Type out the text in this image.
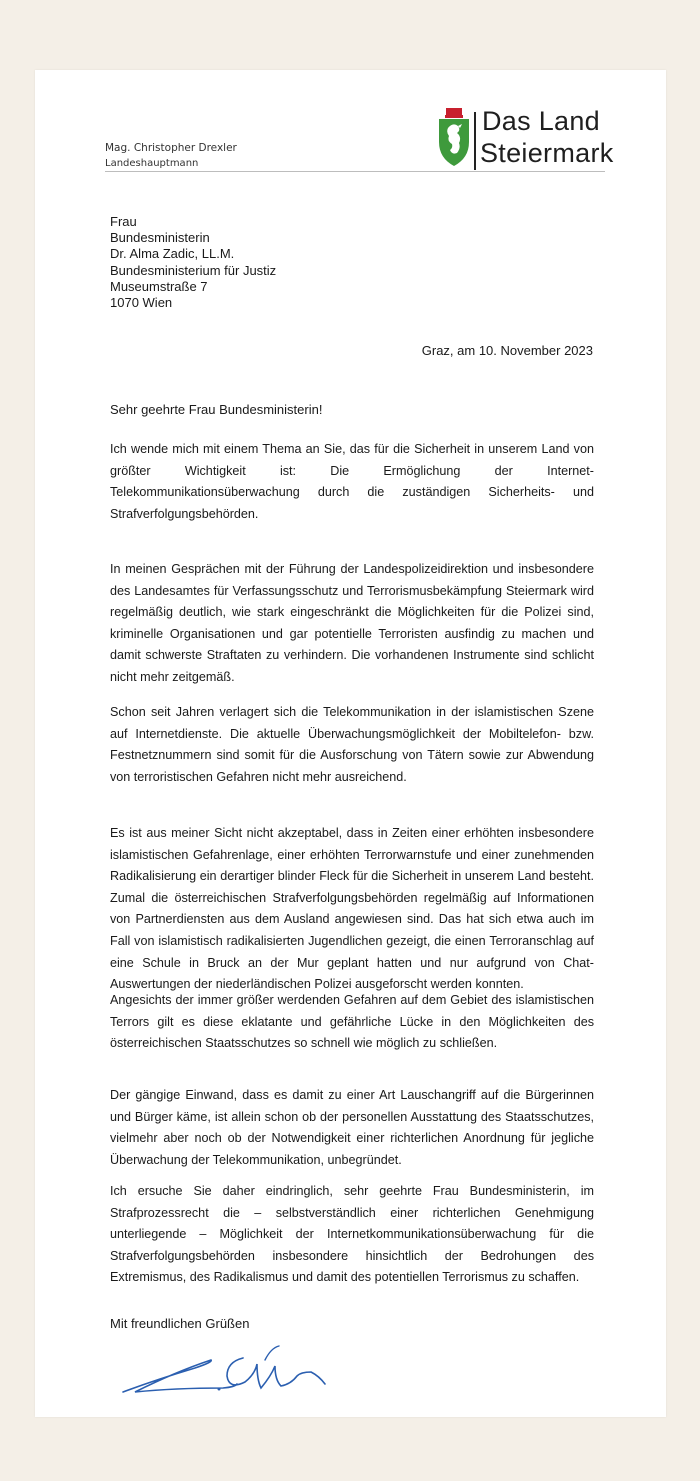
Mag. Christopher Drexler
Landeshauptmann
Das Land
Steiermark
Frau
Bundesministerin
Dr. Alma Zadic, LL.M.
Bundesministerium für Justiz
Museumstraße 7
1070 Wien
Graz, am 10. November 2023
Sehr geehrte Frau Bundesministerin!

Ich wende mich mit einem Thema an Sie, das für die Sicherheit in unserem Land von größter Wichtigkeit ist: Die Ermöglichung der Internet-Telekommunikationsüberwachung durch die zuständigen Sicherheits- und Strafverfolgungsbehörden.

In meinen Gesprächen mit der Führung der Landespolizeidirektion und insbesondere des Landesamtes für Verfassungsschutz und Terrorismusbekämpfung Steiermark wird regelmäßig deutlich, wie stark eingeschränkt die Möglichkeiten für die Polizei sind, kriminelle Organisationen und gar potentielle Terroristen ausfindig zu machen und damit schwerste Straftaten zu verhindern. Die vorhandenen Instrumente sind schlicht nicht mehr zeitgemäß.

Schon seit Jahren verlagert sich die Telekommunikation in der islamistischen Szene auf Internetdienste. Die aktuelle Überwachungsmöglichkeit der Mobiltelefon- bzw. Festnetznummern sind somit für die Ausforschung von Tätern sowie zur Abwendung von terroristischen Gefahren nicht mehr ausreichend.

Es ist aus meiner Sicht nicht akzeptabel, dass in Zeiten einer erhöhten insbesondere islamistischen Gefahrenlage, einer erhöhten Terrorwarnstufe und einer zunehmenden Radikalisierung ein derartiger blinder Fleck für die Sicherheit in unserem Land besteht. Zumal die österreichischen Strafverfolgungsbehörden regelmäßig auf Informationen von Partnerdiensten aus dem Ausland angewiesen sind. Das hat sich etwa auch im Fall von islamistisch radikalisierten Jugendlichen gezeigt, die einen Terroranschlag auf eine Schule in Bruck an der Mur geplant hatten und nur aufgrund von Chat-Auswertungen der niederländischen Polizei ausgeforscht werden konnten.

Angesichts der immer größer werdenden Gefahren auf dem Gebiet des islamistischen Terrors gilt es diese eklatante und gefährliche Lücke in den Möglichkeiten des österreichischen Staatsschutzes so schnell wie möglich zu schließen.

Der gängige Einwand, dass es damit zu einer Art Lauschangriff auf die Bürgerinnen und Bürger käme, ist allein schon ob der personellen Ausstattung des Staatsschutzes, vielmehr aber noch ob der Notwendigkeit einer richterlichen Anordnung für jegliche Überwachung der Telekommunikation, unbegründet.

Ich ersuche Sie daher eindringlich, sehr geehrte Frau Bundesministerin, im Strafprozessrecht die – selbstverständlich einer richterlichen Genehmigung unterliegende – Möglichkeit der Internetkommunikationsüberwachung für die Strafverfolgungsbehörden insbesondere hinsichtlich der Bedrohungen des Extremismus, des Radikalismus und damit des potentiellen Terrorismus zu schaffen.

Mit freundlichen Grüßen
